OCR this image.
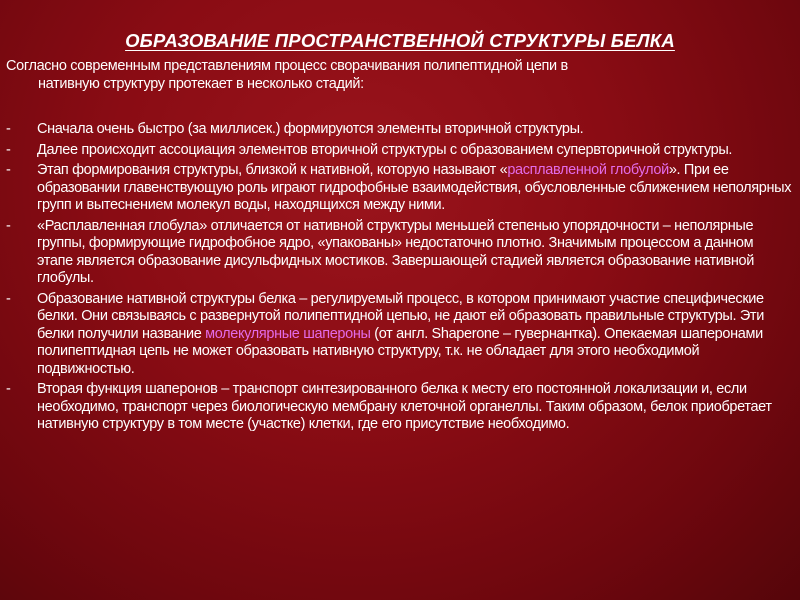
ОБРАЗОВАНИЕ ПРОСТРАНСТВЕННОЙ СТРУКТУРЫ БЕЛКА

Согласно современным представлениям процесс сворачивания полипептидной цепи в
нативную структуру протекает в несколько стадий:

-	Сначала очень быстро (за миллисек.) формируются элементы вторичной структуры.
-	Далее происходит ассоциация элементов вторичной структуры с образованием супервторичной структуры.
-	Этап формирования структуры, близкой к нативной, которую называют «расплавленной глобулой». При ее образовании главенствующую роль играют гидрофобные взаимодействия, обусловленные сближением неполярных групп и вытеснением молекул воды, находящихся между ними.
-	«Расплавленная глобула» отличается от нативной структуры меньшей степенью упорядочности – неполярные группы, формирующие гидрофобное ядро, «упакованы» недостаточно плотно. Значимым процессом а данном этапе является образование дисульфидных мостиков. Завершающей стадией является образование нативной глобулы.
-	Образование нативной структуры белка – регулируемый процесс, в котором принимают участие специфические белки. Они связываясь с развернутой полипептидной цепью, не дают ей образовать правильные структуры. Эти белки получили название молекулярные шапероны (от англ. Shaperone – гувернантка). Опекаемая шаперонами полипептидная цепь не может образовать нативную структуру, т.к. не обладает для этого необходимой подвижностью.
-	Вторая функция шаперонов – транспорт синтезированного белка к месту его постоянной локализации и, если необходимо, транспорт через биологическую мембрану клеточной органеллы. Таким образом, белок приобретает нативную структуру в том месте (участке) клетки, где его присутствие необходимо.
